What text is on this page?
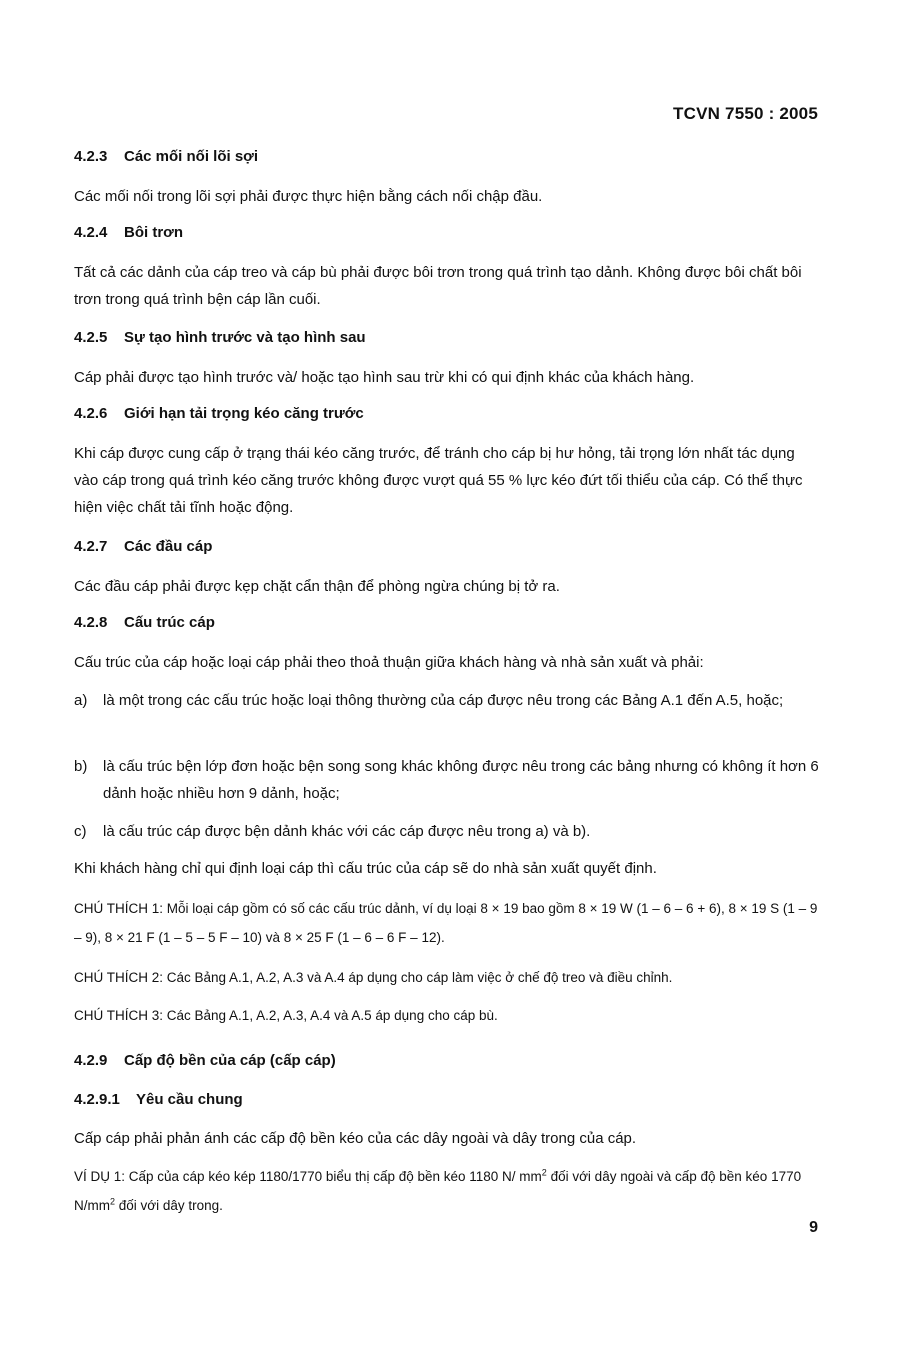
TCVN 7550 : 2005
4.2.3 Các mối nối lõi sợi
Các mối nối trong lõi sợi phải được thực hiện bằng cách nối chập đầu.
4.2.4 Bôi trơn
Tất cả các dảnh của cáp treo và cáp bù phải được bôi trơn trong quá trình tạo dảnh. Không được bôi chất bôi trơn trong quá trình bện cáp lần cuối.
4.2.5 Sự tạo hình trước và tạo hình sau
Cáp phải được tạo hình trước và/ hoặc tạo hình sau trừ khi có qui định khác của khách hàng.
4.2.6 Giới hạn tải trọng kéo căng trước
Khi cáp được cung cấp ở trạng thái kéo căng trước, để tránh cho cáp bị hư hỏng, tải trọng lớn nhất tác dụng vào cáp trong quá trình kéo căng trước không được vượt quá 55 % lực kéo đứt tối thiểu của cáp. Có thể thực hiện việc chất tải tĩnh hoặc động.
4.2.7 Các đầu cáp
Các đầu cáp phải được kẹp chặt cẩn thận để phòng ngừa chúng bị tở ra.
4.2.8 Cấu trúc cáp
Cấu trúc của cáp hoặc loại cáp phải theo thoả thuận giữa khách hàng và nhà sản xuất và phải:
a)	là một trong các cấu trúc hoặc loại thông thường của cáp được nêu trong các Bảng A.1 đến A.5, hoặc;
b)	là cấu trúc bện lớp đơn hoặc bện song song khác không được nêu trong các bảng nhưng có không ít hơn 6 dảnh hoặc nhiều hơn 9 dảnh, hoặc;
c)	là cấu trúc cáp được bện dảnh khác với các cáp được nêu trong a) và b).
Khi khách hàng chỉ qui định loại cáp thì cấu trúc của cáp sẽ do nhà sản xuất quyết định.
CHÚ THÍCH 1: Mỗi loại cáp gồm có số các cấu trúc dảnh, ví dụ loại 8 × 19 bao gồm 8 × 19 W (1 – 6 – 6 + 6), 8 × 19 S (1 – 9 – 9), 8 × 21 F (1 – 5 – 5 F – 10) và 8 × 25 F (1 – 6 – 6 F – 12).
CHÚ THÍCH 2: Các Bảng A.1, A.2, A.3 và A.4 áp dụng cho cáp làm việc ở chế độ treo và điều chỉnh.
CHÚ THÍCH 3: Các Bảng A.1, A.2, A.3, A.4 và A.5 áp dụng cho cáp bù.
4.2.9 Cấp độ bền của cáp (cấp cáp)
4.2.9.1 Yêu cầu chung
Cấp cáp phải phản ánh các cấp độ bền kéo của các dây ngoài và dây trong của cáp.
VÍ DỤ 1: Cấp của cáp kéo kép 1180/1770 biểu thị cấp độ bền kéo 1180 N/ $mm^2$ đối với dây ngoài và cấp độ bền kéo 1770 $N/mm^2$ đối với dây trong.
9
